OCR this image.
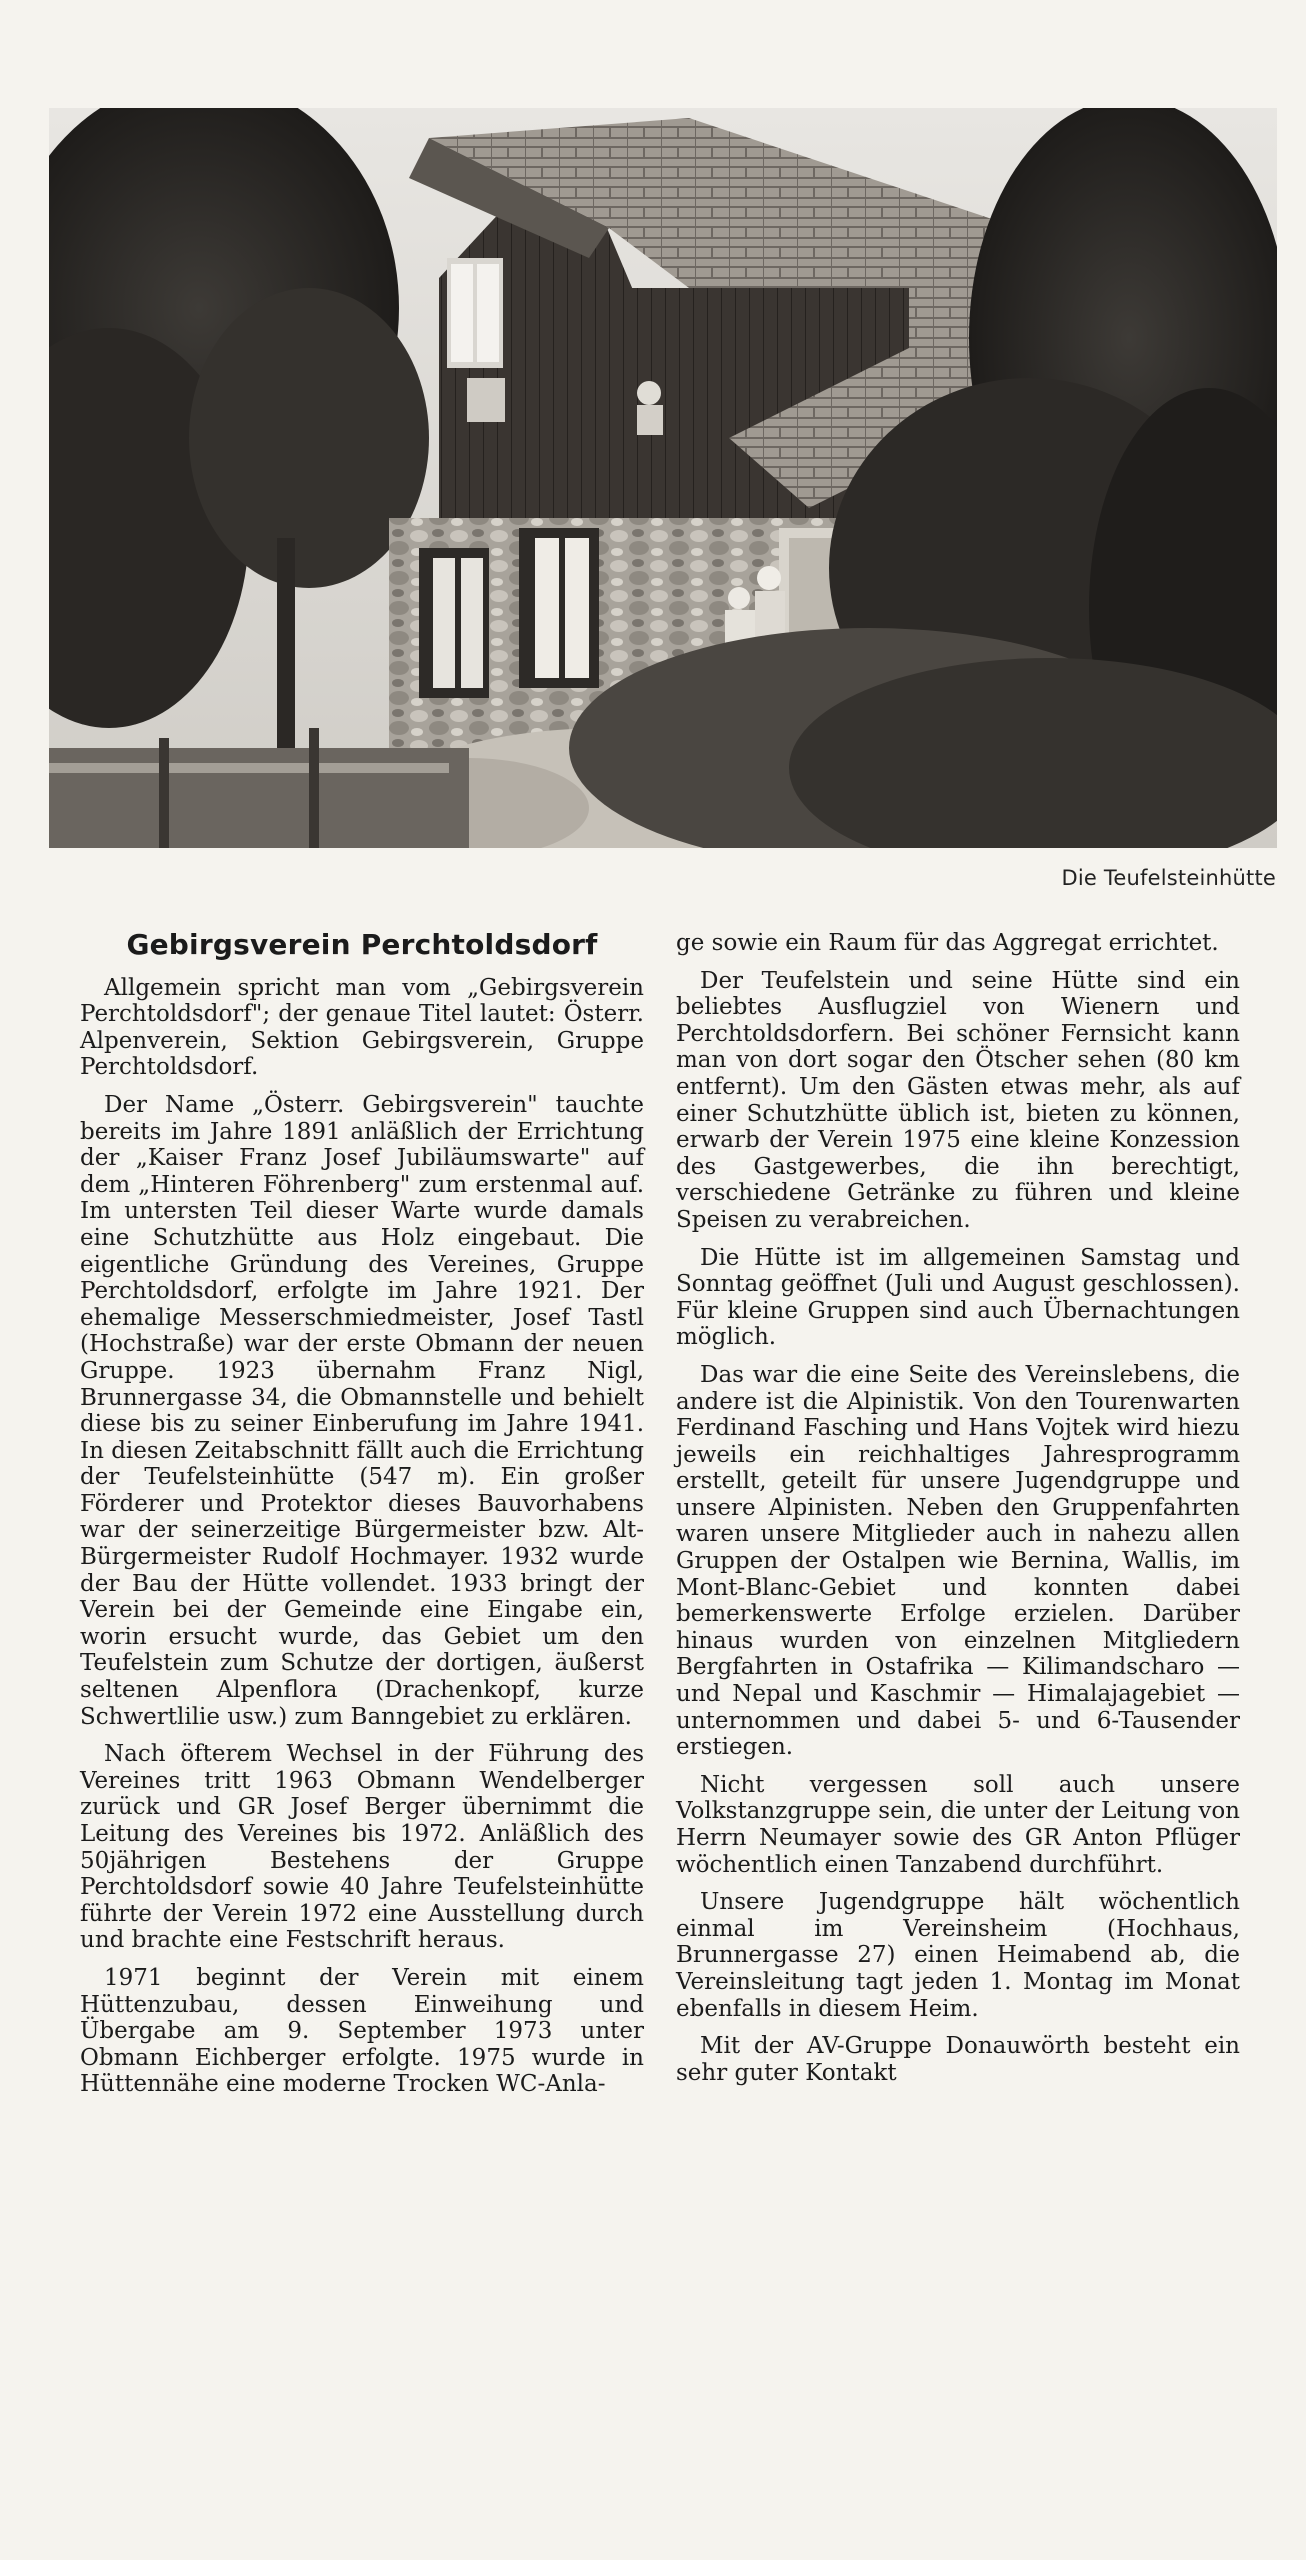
Die Teufelsteinhütte
Gebirgsverein Perchtoldsdorf

Allgemein spricht man vom „Gebirgsverein Perchtoldsdorf"; der genaue Titel lautet: Österr. Alpenverein, Sektion Gebirgsverein, Gruppe Perchtoldsdorf.

Der Name „Österr. Gebirgsverein" tauchte bereits im Jahre 1891 anläßlich der Errichtung der „Kaiser Franz Josef Jubiläumswarte" auf dem „Hinteren Föhrenberg" zum erstenmal auf. Im untersten Teil dieser Warte wurde damals eine Schutzhütte aus Holz eingebaut. Die eigentliche Gründung des Vereines, Gruppe Perchtoldsdorf, erfolgte im Jahre 1921. Der ehemalige Messerschmiedmeister, Josef Tastl (Hochstraße) war der erste Obmann der neuen Gruppe. 1923 übernahm Franz Nigl, Brunnergasse 34, die Obmannstelle und behielt diese bis zu seiner Einberufung im Jahre 1941. In diesen Zeitabschnitt fällt auch die Errichtung der Teufelsteinhütte (547 m). Ein großer Förderer und Protektor dieses Bauvorhabens war der seinerzeitige Bürgermeister bzw. Alt-Bürgermeister Rudolf Hochmayer. 1932 wurde der Bau der Hütte vollendet. 1933 bringt der Verein bei der Gemeinde eine Eingabe ein, worin ersucht wurde, das Gebiet um den Teufelstein zum Schutze der dortigen, äußerst seltenen Alpenflora (Drachenkopf, kurze Schwertlilie usw.) zum Banngebiet zu erklären.

Nach öfterem Wechsel in der Führung des Vereines tritt 1963 Obmann Wendelberger zurück und GR Josef Berger übernimmt die Leitung des Vereines bis 1972. Anläßlich des 50jährigen Bestehens der Gruppe Perchtoldsdorf sowie 40 Jahre Teufelsteinhütte führte der Verein 1972 eine Ausstellung durch und brachte eine Festschrift heraus.

1971 beginnt der Verein mit einem Hüttenzubau, dessen Einweihung und Übergabe am 9. September 1973 unter Obmann Eichberger erfolgte. 1975 wurde in Hüttennähe eine moderne Trocken WC-Anla-

ge sowie ein Raum für das Aggregat errichtet.

Der Teufelstein und seine Hütte sind ein beliebtes Ausflugziel von Wienern und Perchtoldsdorfern. Bei schöner Fernsicht kann man von dort sogar den Ötscher sehen (80 km entfernt). Um den Gästen etwas mehr, als auf einer Schutzhütte üblich ist, bieten zu können, erwarb der Verein 1975 eine kleine Konzession des Gastgewerbes, die ihn berechtigt, verschiedene Getränke zu führen und kleine Speisen zu verabreichen.

Die Hütte ist im allgemeinen Samstag und Sonntag geöffnet (Juli und August geschlossen). Für kleine Gruppen sind auch Übernachtungen möglich.

Das war die eine Seite des Vereinslebens, die andere ist die Alpinistik. Von den Tourenwarten Ferdinand Fasching und Hans Vojtek wird hiezu jeweils ein reichhaltiges Jahresprogramm erstellt, geteilt für unsere Jugendgruppe und unsere Alpinisten. Neben den Gruppenfahrten waren unsere Mitglieder auch in nahezu allen Gruppen der Ostalpen wie Bernina, Wallis, im Mont-Blanc-Gebiet und konnten dabei bemerkenswerte Erfolge erzielen. Darüber hinaus wurden von einzelnen Mitgliedern Bergfahrten in Ostafrika — Kilimandscharo — und Nepal und Kaschmir — Himalajagebiet — unternommen und dabei 5- und 6-Tausender erstiegen.

Nicht vergessen soll auch unsere Volkstanzgruppe sein, die unter der Leitung von Herrn Neumayer sowie des GR Anton Pflüger wöchentlich einen Tanzabend durchführt.

Unsere Jugendgruppe hält wöchentlich einmal im Vereinsheim (Hochhaus, Brunnergasse 27) einen Heimabend ab, die Vereinsleitung tagt jeden 1. Montag im Monat ebenfalls in diesem Heim.

Mit der AV-Gruppe Donauwörth besteht ein sehr guter Kontakt
